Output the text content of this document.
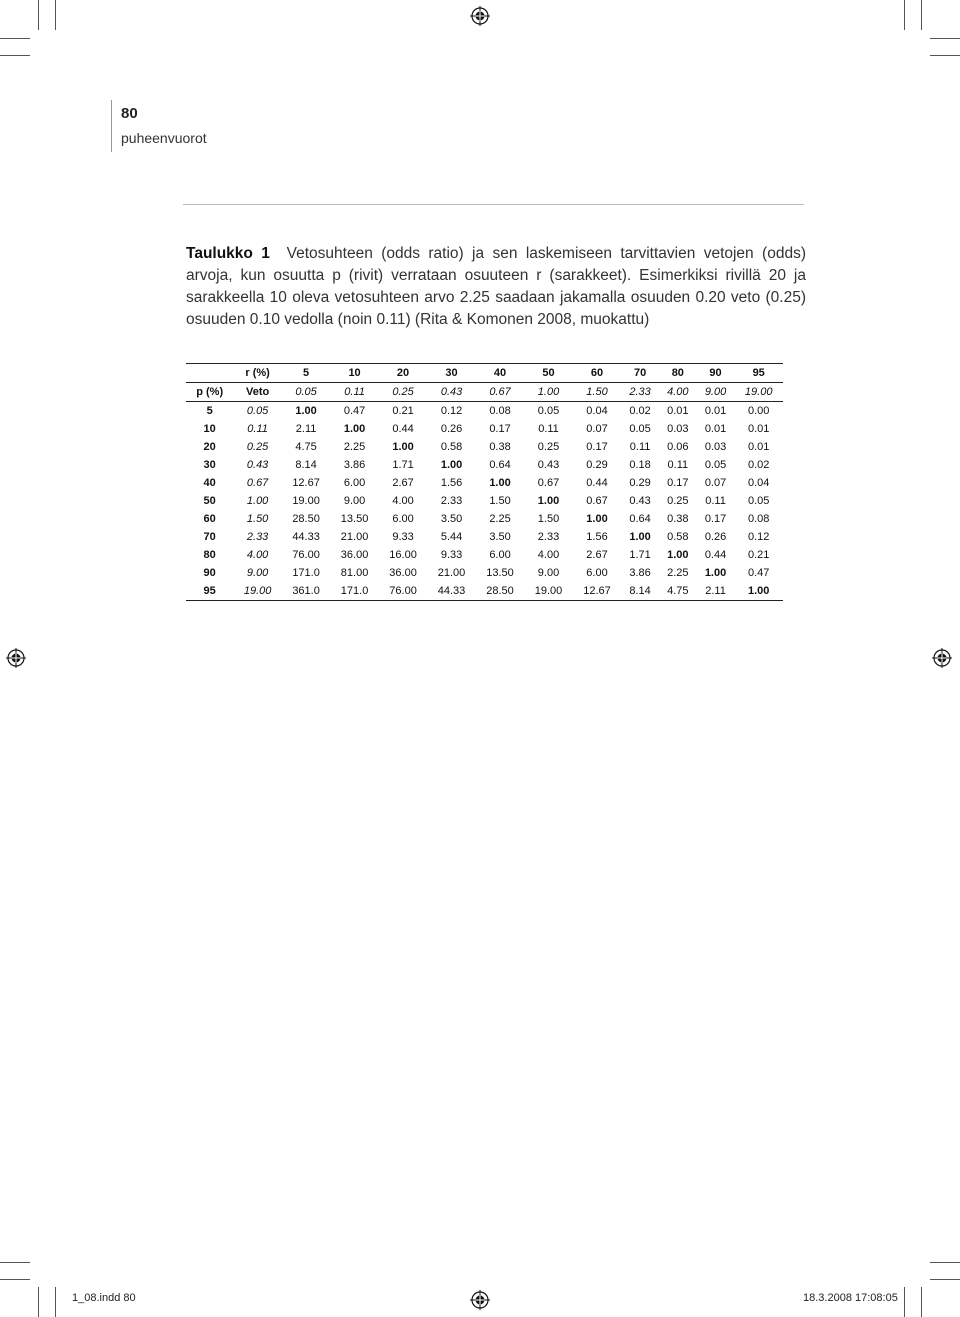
80
puheenvuorot
Taulukko 1 Vetosuhteen (odds ratio) ja sen laskemiseen tarvittavien vetojen (odds) arvoja, kun osuutta p (rivit) verrataan osuuteen r (sarakkeet). Esimerkiksi rivillä 20 ja sarakkeella 10 oleva vetosuhteen arvo 2.25 saadaan jakamalla osuuden 0.20 veto (0.25) osuuden 0.10 vedolla (noin 0.11) (Rita & Komonen 2008, muokattu)
	r (%)	5	10	20	30	40	50	60	70	80	90	95
p (%)	Veto	0.05	0.11	0.25	0.43	0.67	1.00	1.50	2.33	4.00	9.00	19.00
5	0.05	1.00	0.47	0.21	0.12	0.08	0.05	0.04	0.02	0.01	0.01	0.00
10	0.11	2.11	1.00	0.44	0.26	0.17	0.11	0.07	0.05	0.03	0.01	0.01
20	0.25	4.75	2.25	1.00	0.58	0.38	0.25	0.17	0.11	0.06	0.03	0.01
30	0.43	8.14	3.86	1.71	1.00	0.64	0.43	0.29	0.18	0.11	0.05	0.02
40	0.67	12.67	6.00	2.67	1.56	1.00	0.67	0.44	0.29	0.17	0.07	0.04
50	1.00	19.00	9.00	4.00	2.33	1.50	1.00	0.67	0.43	0.25	0.11	0.05
60	1.50	28.50	13.50	6.00	3.50	2.25	1.50	1.00	0.64	0.38	0.17	0.08
70	2.33	44.33	21.00	9.33	5.44	3.50	2.33	1.56	1.00	0.58	0.26	0.12
80	4.00	76.00	36.00	16.00	9.33	6.00	4.00	2.67	1.71	1.00	0.44	0.21
90	9.00	171.0	81.00	36.00	21.00	13.50	9.00	6.00	3.86	2.25	1.00	0.47
95	19.00	361.0	171.0	76.00	44.33	28.50	19.00	12.67	8.14	4.75	2.11	1.00
1_08.indd 80	18.3.2008 17:08:05
